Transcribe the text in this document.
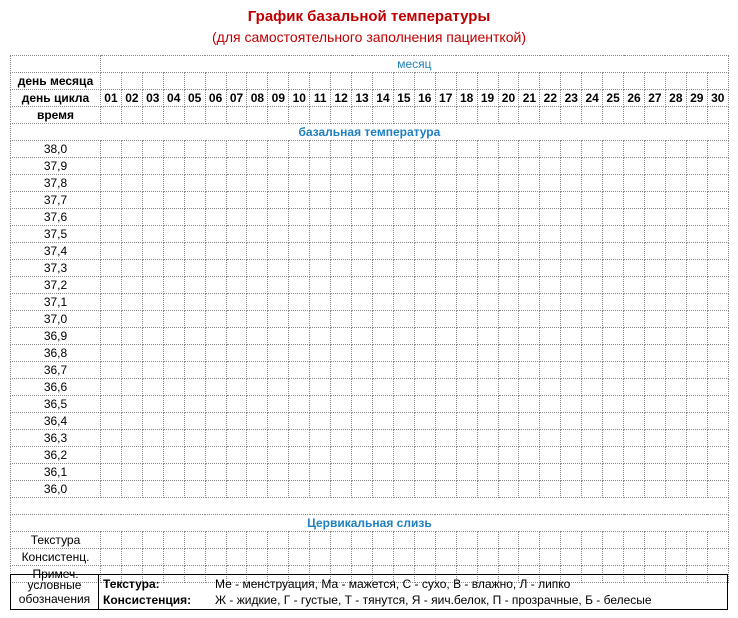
График базальной температуры
(для самостоятельного заполнения пациенткой)
	месяц																													
день месяца																														
день цикла	01	02	03	04	05	06	07	08	09	10	11	12	13	14	15	16	17	18	19	20	21	22	23	24	25	26	27	28	29	30
время																														
базальная температура																														
38,0																														
37,9																														
37,8																														
37,7																														
37,6																														
37,5																														
37,4																														
37,3																														
37,2																														
37,1																														
37,0																														
36,9																														
36,8																														
36,7																														
36,6																														
36,5																														
36,4																														
36,3																														
36,2																														
36,1																														
36,0																														

Цервикальная слизь																														
Текстура																														
Консистенц.																														
Примеч.																														
условные обозначения
Текстура:	Ме - менструация, Ма - мажется, С - сухо, В - влажно, Л - липко
Консистенция: Ж - жидкие, Г - густые, Т - тянутся, Я - яич.белок, П - прозрачные, Б - белесые
